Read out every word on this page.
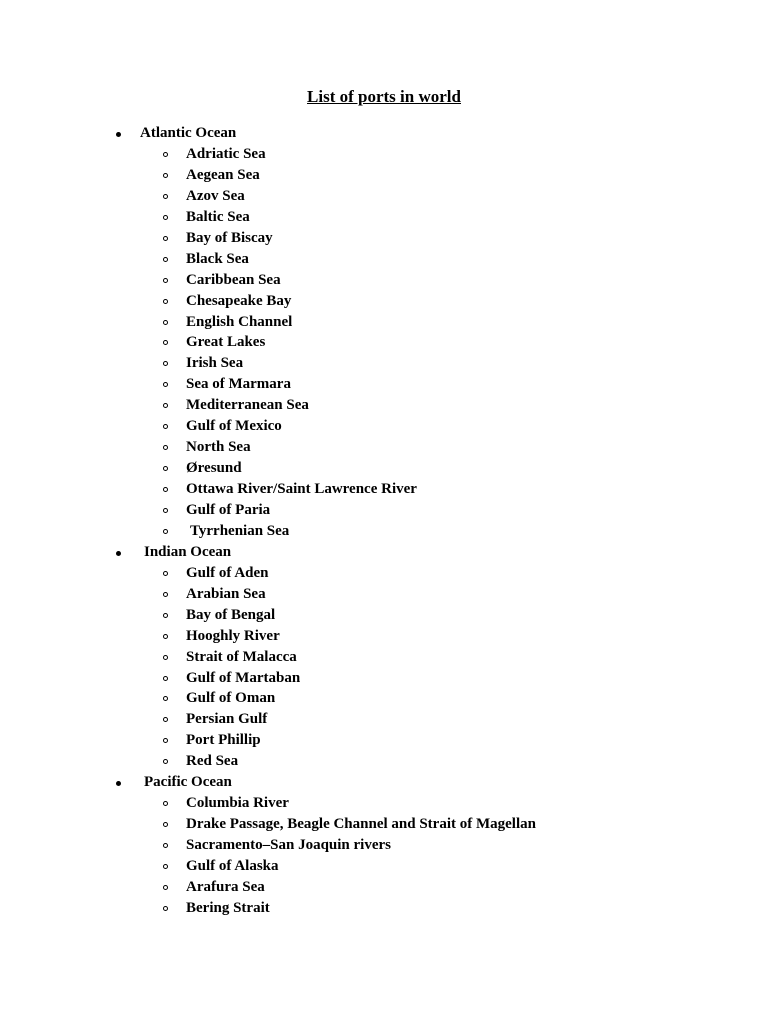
List of ports in world
Atlantic Ocean
Adriatic Sea
Aegean Sea
Azov Sea
Baltic Sea
Bay of Biscay
Black Sea
Caribbean Sea
Chesapeake Bay
English Channel
Great Lakes
Irish Sea
Sea of Marmara
Mediterranean Sea
Gulf of Mexico
North Sea
Øresund
Ottawa River/Saint Lawrence River
Gulf of Paria
Tyrrhenian Sea
Indian Ocean
Gulf of Aden
Arabian Sea
Bay of Bengal
Hooghly River
Strait of Malacca
Gulf of Martaban
Gulf of Oman
Persian Gulf
Port Phillip
Red Sea
Pacific Ocean
Columbia River
Drake Passage, Beagle Channel and Strait of Magellan
Sacramento–San Joaquin rivers
Gulf of Alaska
Arafura Sea
Bering Strait
